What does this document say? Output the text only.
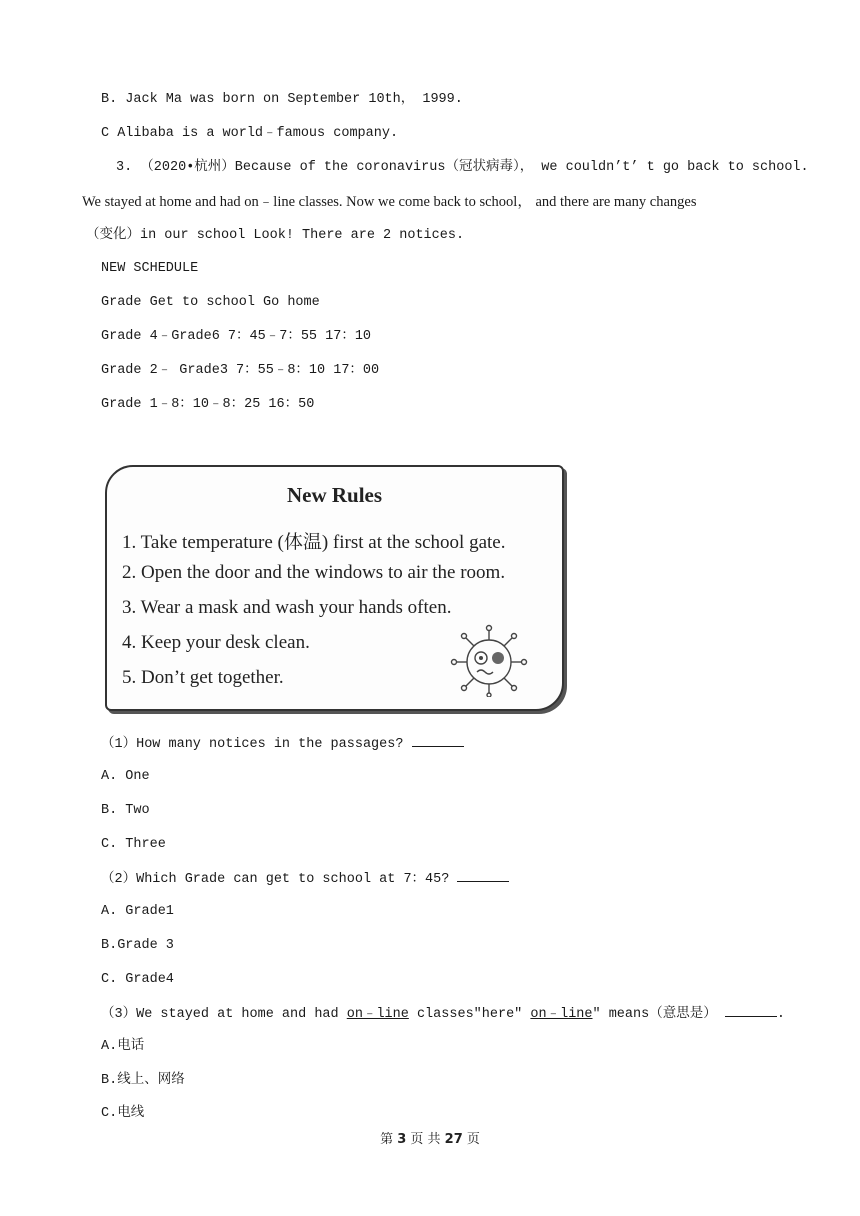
B. Jack Ma was born on September 10th， 1999.
C Alibaba is a world﹣famous company.
3. （2020•杭州）Because of the coronavirus（冠状病毒）， we couldn’t’ t go back to school.
We stayed at home and had on﹣line classes. Now we come back to school， and there are many changes
（变化）in our school Look! There are 2 notices.
NEW SCHEDULE
Grade Get to school Go home
Grade 4﹣Grade6 7：45﹣7：55 17：10
Grade 2﹣ Grade3 7：55﹣8：10 17：00
Grade 1﹣8：10﹣8：25 16：50
New Rules
1. Take temperature (体温) first at the school gate.
2. Open the door and the windows to air the room.
3. Wear a mask and wash your hands often.
4. Keep your desk clean.
5. Don’t get together.
（1）How many notices in the passages?
A. One
B. Two
C. Three
（2）Which Grade can get to school at 7：45?
A. Grade1
B.Grade 3
C. Grade4
（3）We stayed at home and had on﹣line classes"here" on﹣line" means（意思是）	.
A.电话
B.线上、网络
C.电线
第 3 页 共 27 页
